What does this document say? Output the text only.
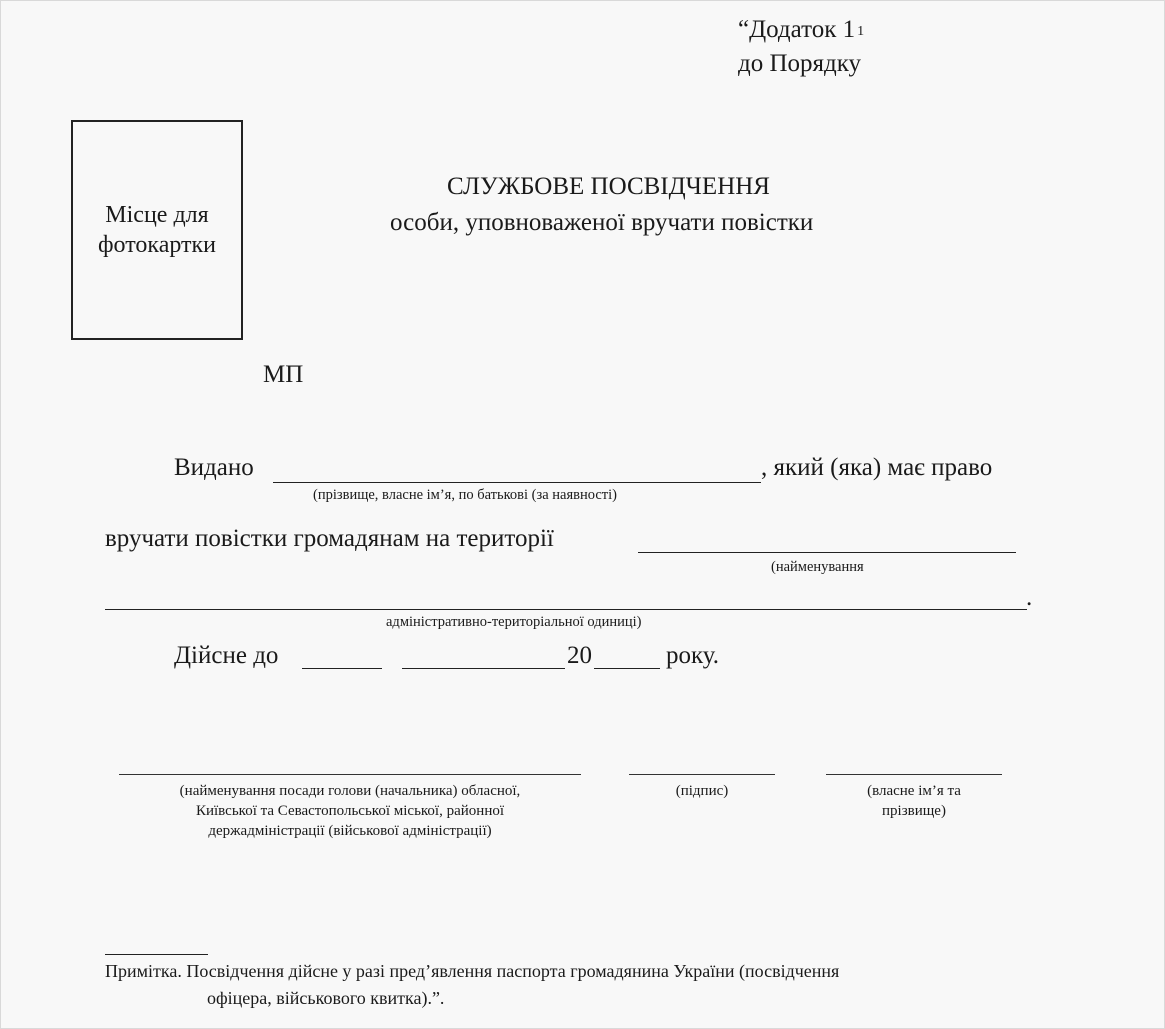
“Додаток 1 $^1$
до Порядку
Місце для
фотокартки
СЛУЖБОВЕ ПОСВІДЧЕННЯ
особи, уповноваженої вручати повістки
МП
Видано	, який (яка) має право
(прізвище, власне ім’я, по батькові (за наявності)
вручати повістки громадянам на території
(найменування
.
адміністративно-територіальної одиниці)
Дійсне до	20	року.
(найменування посади голови (начальника) обласної,
Київської та Севастопольської міської, районної
держадміністрації (військової адміністрації)
(підпис)	(власне ім’я та
прізвище)
Примітка. Посвідчення дійсне у разі пред’явлення паспорта громадянина України (посвідчення
офіцера, військового квитка).”.
